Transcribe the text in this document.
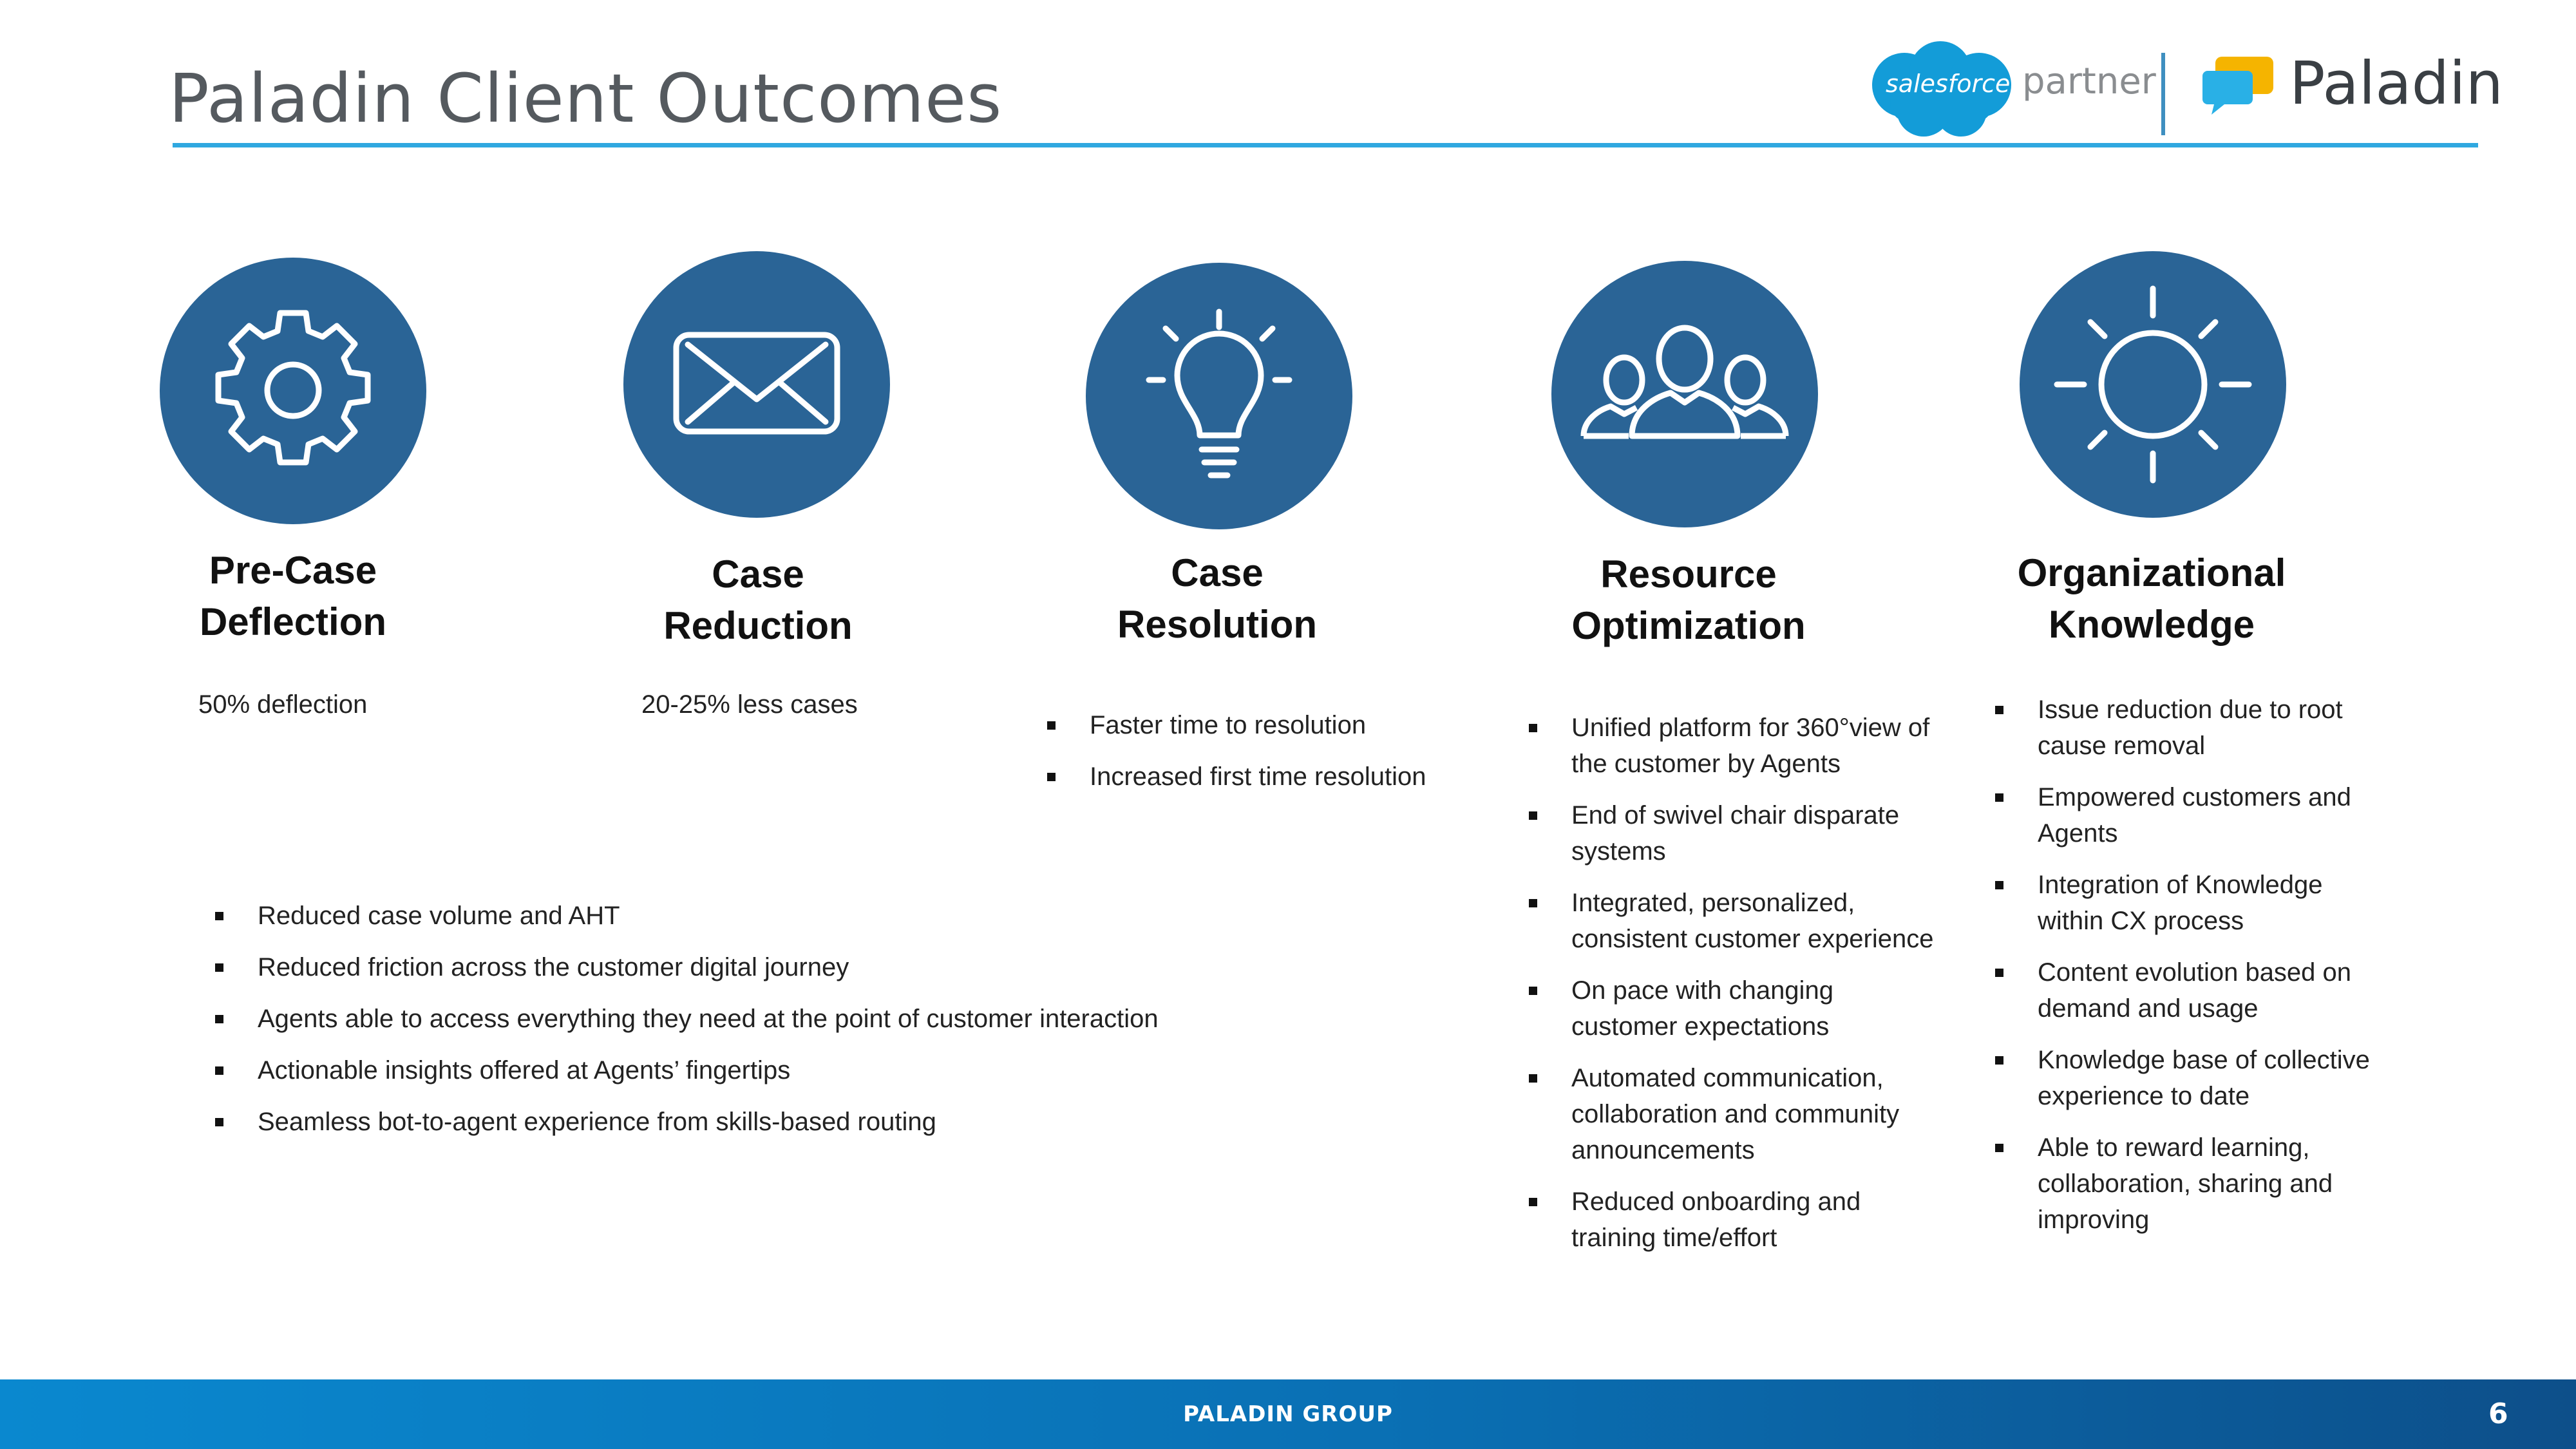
Paladin Client Outcomes	salesforce partner Paladin
Pre-Case
Deflection
Case
Reduction
Case
Resolution
Resource
Optimization
Organizational
Knowledge
50% deflection	20-25% less cases
Faster time to resolution
Increased first time resolution
Unified platform for 360°view of the customer by Agents
End of swivel chair disparate systems
Integrated, personalized, consistent customer experience
On pace with changing customer expectations
Automated communication, collaboration and community announcements
Reduced onboarding and training time/effort
Issue reduction due to root cause removal
Empowered customers and Agents
Integration of Knowledge within CX process
Content evolution based on demand and usage
Knowledge base of collective experience to date
Able to reward learning, collaboration, sharing and improving
Reduced case volume and AHT
Reduced friction across the customer digital journey
Agents able to access everything they need at the point of customer interaction
Actionable insights offered at Agents’ fingertips
Seamless bot-to-agent experience from skills-based routing
PALADIN GROUP	6
